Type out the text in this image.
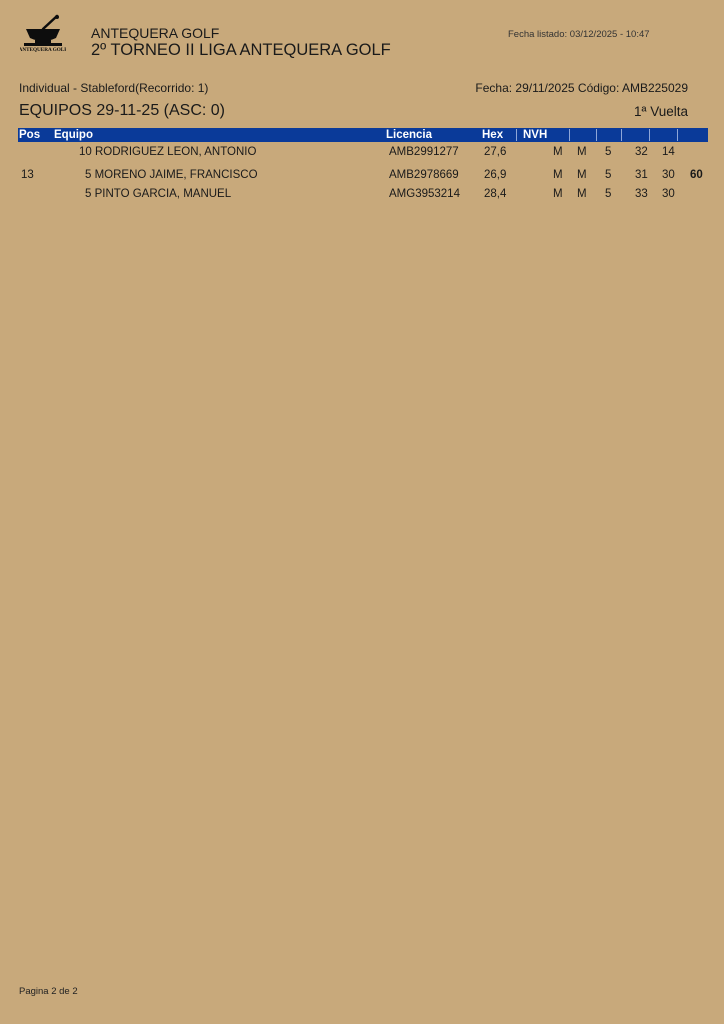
ANTEQUERA GOLF
ANTEQUERA GOLF
2º TORNEO II LIGA ANTEQUERA GOLF
Fecha listado: 03/12/2025 - 10:47
Individual - Stableford(Recorrido: 1)	Fecha: 29/11/2025 Código: AMB225029
EQUIPOS 29-11-25 (ASC: 0)	1ª Vuelta
Pos Equipo	Licencia	Hex NVH
10 RODRIGUEZ LEON, ANTONIO	AMB2991277 27,6	M M 5 32 14
13	5 MORENO JAIME, FRANCISCO	AMB2978669 26,9	M M 5 31 30 60
5 PINTO GARCIA, MANUEL	AMG3953214 28,4	M M 5 33 30
Pagina 2 de 2
